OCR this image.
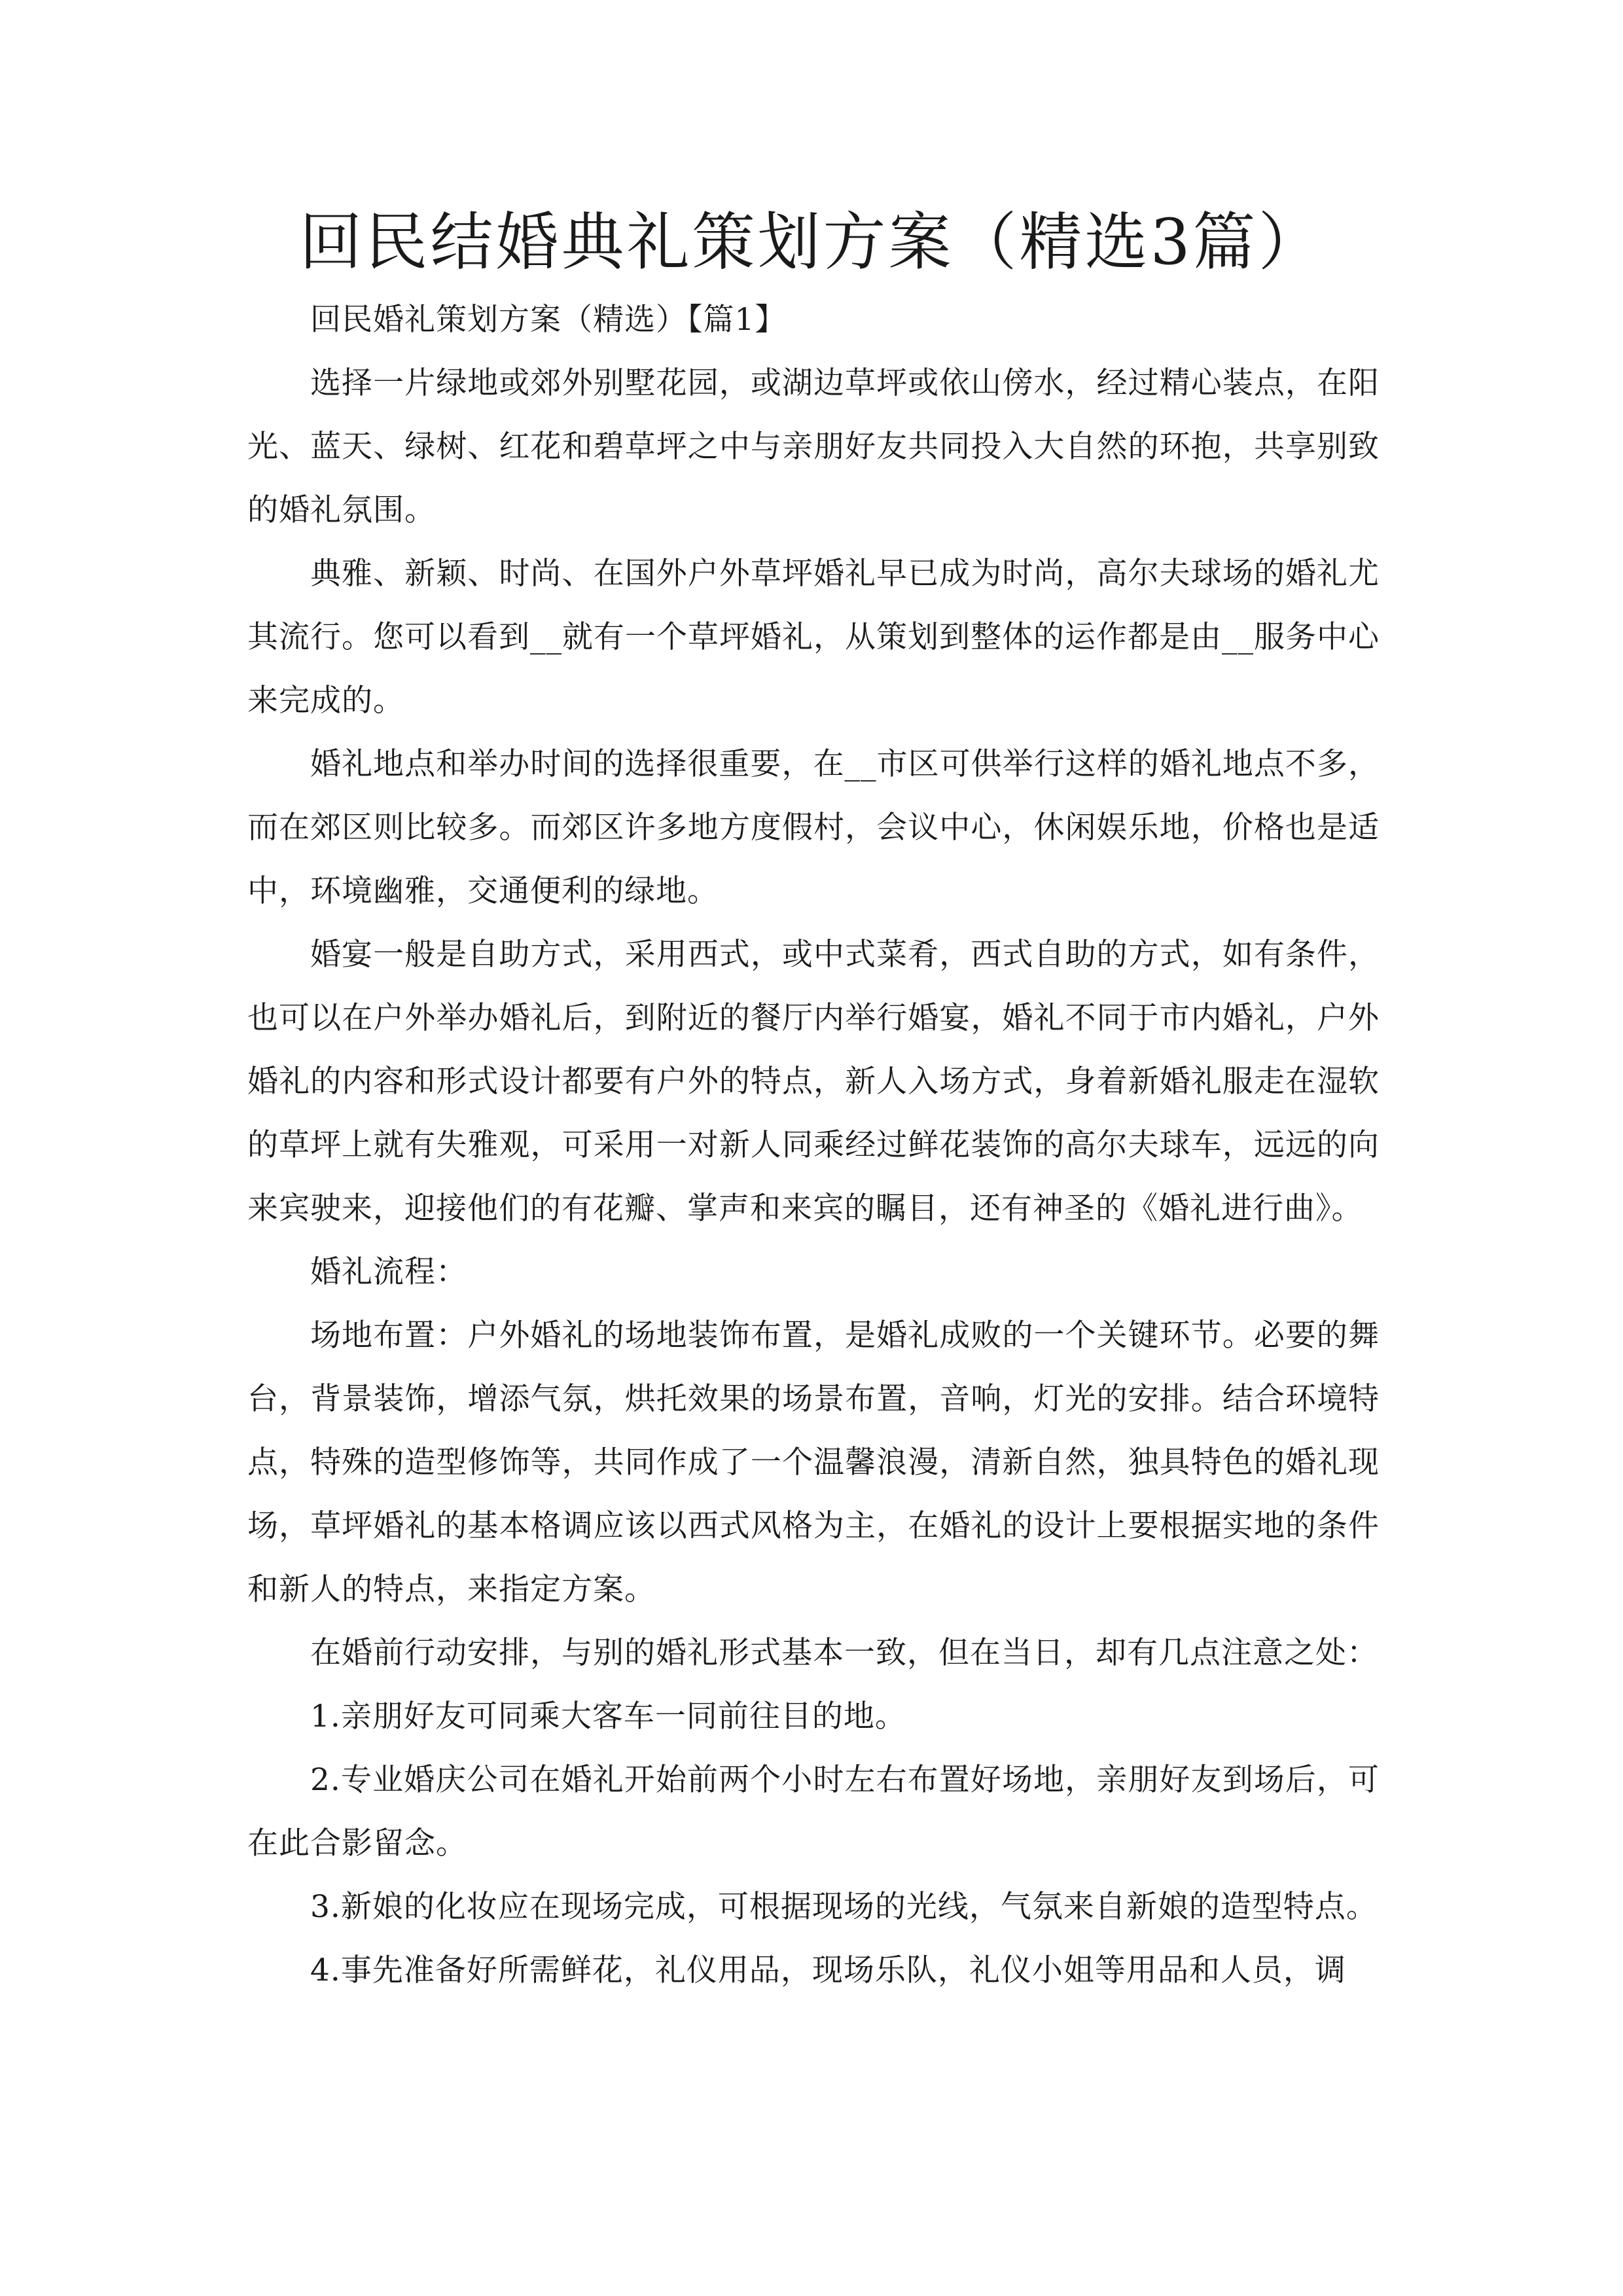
回民结婚典礼策划方案（精选3篇）

回民婚礼策划方案（精选）【篇1】

选择一片绿地或郊外别墅花园，或湖边草坪或依山傍水，经过精心装点，在阳光、蓝天、绿树、红花和碧草坪之中与亲朋好友共同投入大自然的环抱，共享别致的婚礼氛围。

典雅、新颖、时尚、在国外户外草坪婚礼早已成为时尚，高尔夫球场的婚礼尤其流行。您可以看到__就有一个草坪婚礼，从策划到整体的运作都是由__服务中心来完成的。

婚礼地点和举办时间的选择很重要，在__市区可供举行这样的婚礼地点不多，而在郊区则比较多。而郊区许多地方度假村，会议中心，休闲娱乐地，价格也是适中，环境幽雅，交通便利的绿地。

婚宴一般是自助方式，采用西式，或中式菜肴，西式自助的方式，如有条件，也可以在户外举办婚礼后，到附近的餐厅内举行婚宴，婚礼不同于市内婚礼，户外婚礼的内容和形式设计都要有户外的特点，新人入场方式，身着新婚礼服走在湿软的草坪上就有失雅观，可采用一对新人同乘经过鲜花装饰的高尔夫球车，远远的向来宾驶来，迎接他们的有花瓣、掌声和来宾的瞩目，还有神圣的《婚礼进行曲》。

婚礼流程：

场地布置：户外婚礼的场地装饰布置，是婚礼成败的一个关键环节。必要的舞台，背景装饰，增添气氛，烘托效果的场景布置，音响，灯光的安排。结合环境特点，特殊的造型修饰等，共同作成了一个温馨浪漫，清新自然，独具特色的婚礼现场，草坪婚礼的基本格调应该以西式风格为主，在婚礼的设计上要根据实地的条件和新人的特点，来指定方案。

在婚前行动安排，与别的婚礼形式基本一致，但在当日，却有几点注意之处：

1.亲朋好友可同乘大客车一同前往目的地。

2.专业婚庆公司在婚礼开始前两个小时左右布置好场地，亲朋好友到场后，可在此合影留念。

3.新娘的化妆应在现场完成，可根据现场的光线，气氛来自新娘的造型特点。

4.事先准备好所需鲜花，礼仪用品，现场乐队，礼仪小姐等用品和人员，调
